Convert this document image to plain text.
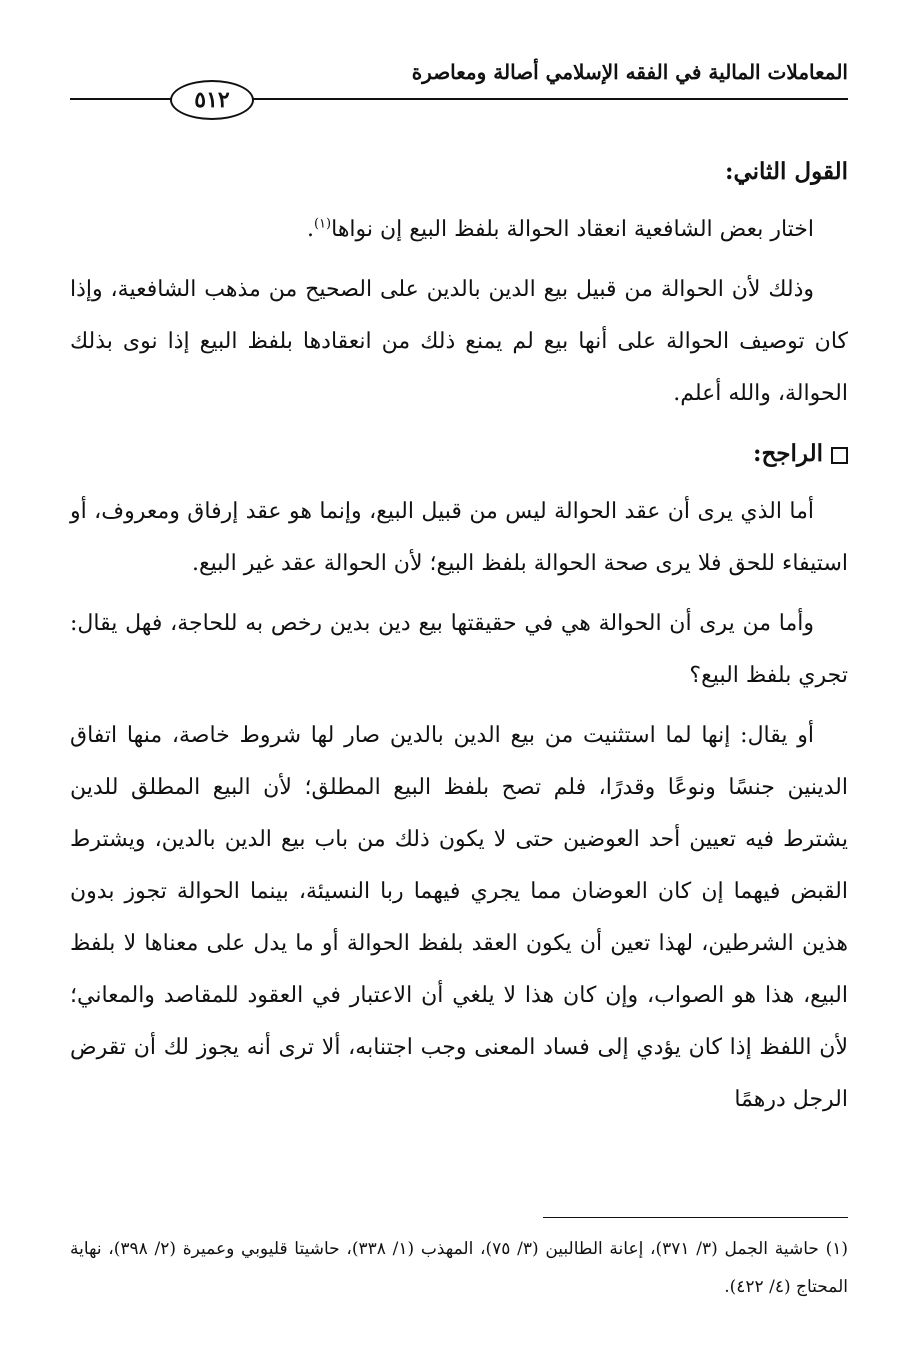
المعاملات المالية في الفقه الإسلامي أصالة ومعاصرة
٥١٢
القول الثاني:

اختار بعض الشافعية انعقاد الحوالة بلفظ البيع إن نواها$^{(١)}$.

وذلك لأن الحوالة من قبيل بيع الدين بالدين على الصحيح من مذهب الشافعية، وإذا كان توصيف الحوالة على أنها بيع لم يمنع ذلك من انعقادها بلفظ البيع إذا نوى بذلك الحوالة، والله أعلم.

الراجح:

أما الذي يرى أن عقد الحوالة ليس من قبيل البيع، وإنما هو عقد إرفاق ومعروف، أو استيفاء للحق فلا يرى صحة الحوالة بلفظ البيع؛ لأن الحوالة عقد غير البيع.

وأما من يرى أن الحوالة هي في حقيقتها بيع دين بدين رخص به للحاجة، فهل يقال: تجري بلفظ البيع؟

أو يقال: إنها لما استثنيت من بيع الدين بالدين صار لها شروط خاصة، منها اتفاق الدينين جنسًا ونوعًا وقدرًا، فلم تصح بلفظ البيع المطلق؛ لأن البيع المطلق للدين يشترط فيه تعيين أحد العوضين حتى لا يكون ذلك من باب بيع الدين بالدين، ويشترط القبض فيهما إن كان العوضان مما يجري فيهما ربا النسيئة، بينما الحوالة تجوز بدون هذين الشرطين، لهذا تعين أن يكون العقد بلفظ الحوالة أو ما يدل على معناها لا بلفظ البيع، هذا هو الصواب، وإن كان هذا لا يلغي أن الاعتبار في العقود للمقاصد والمعاني؛ لأن اللفظ إذا كان يؤدي إلى فساد المعنى وجب اجتنابه، ألا ترى أنه يجوز لك أن تقرض الرجل درهمًا

(١) حاشية الجمل (٣/ ٣٧١)، إعانة الطالبين (٣/ ٧٥)، المهذب (١/ ٣٣٨)، حاشيتا قليوبي وعميرة (٢/ ٣٩٨)، نهاية المحتاج (٤/ ٤٢٢).
